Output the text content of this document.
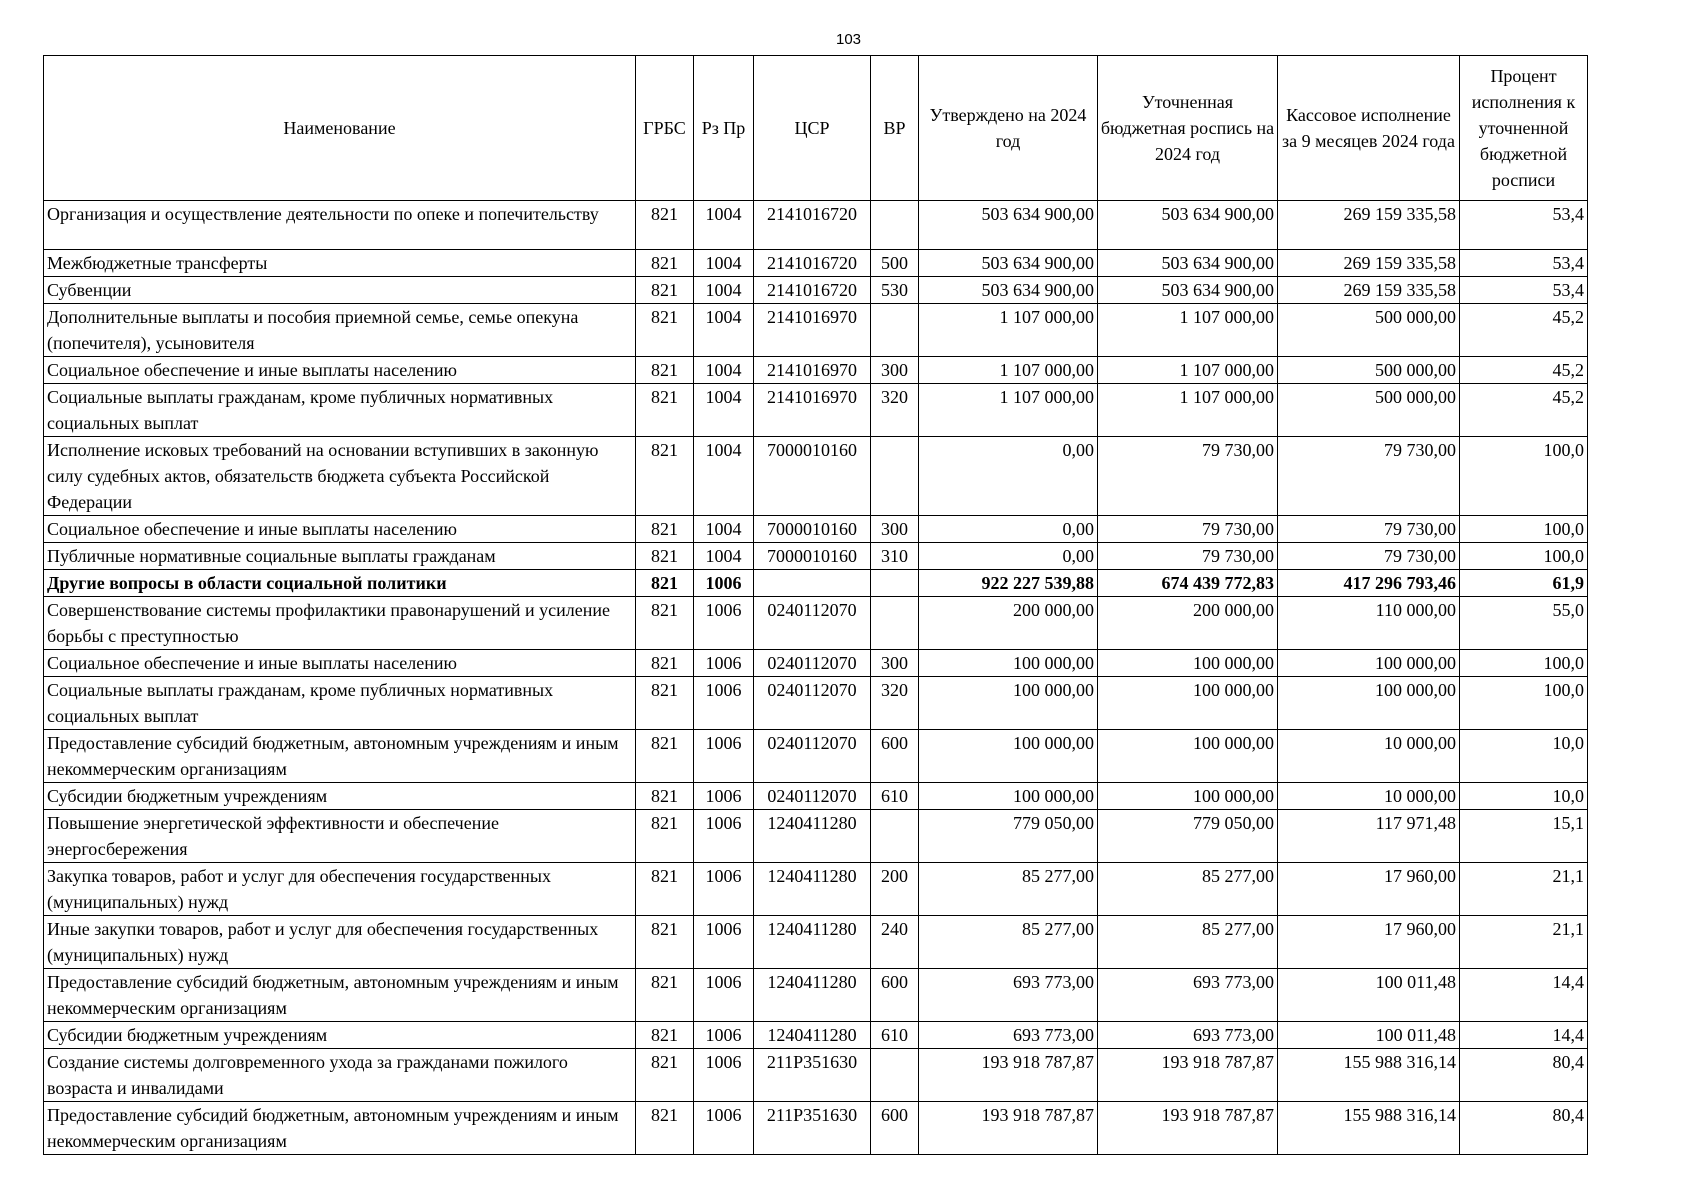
103
Наименование	ГРБС	Рз Пр	ЦСР	ВР	Утверждено на 2024 год	Уточненная бюджетная роспись на 2024 год	Кассовое исполнение за 9 месяцев 2024 года	Процент исполнения к уточненной бюджетной росписи
Организация и осуществление деятельности по опеке и попечительству	821	1004	2141016720		503 634 900,00	503 634 900,00	269 159 335,58	53,4
Межбюджетные трансферты	821	1004	2141016720	500	503 634 900,00	503 634 900,00	269 159 335,58	53,4
Субвенции	821	1004	2141016720	530	503 634 900,00	503 634 900,00	269 159 335,58	53,4
Дополнительные выплаты и пособия приемной семье, семье опекуна (попечителя), усыновителя	821	1004	2141016970		1 107 000,00	1 107 000,00	500 000,00	45,2
Социальное обеспечение и иные выплаты населению	821	1004	2141016970	300	1 107 000,00	1 107 000,00	500 000,00	45,2
Социальные выплаты гражданам, кроме публичных нормативных социальных выплат	821	1004	2141016970	320	1 107 000,00	1 107 000,00	500 000,00	45,2
Исполнение исковых требований на основании вступивших в законную силу судебных актов, обязательств бюджета субъекта Российской Федерации	821	1004	7000010160		0,00	79 730,00	79 730,00	100,0
Социальное обеспечение и иные выплаты населению	821	1004	7000010160	300	0,00	79 730,00	79 730,00	100,0
Публичные нормативные социальные выплаты гражданам	821	1004	7000010160	310	0,00	79 730,00	79 730,00	100,0
Другие вопросы в области социальной политики	821	1006			922 227 539,88	674 439 772,83	417 296 793,46	61,9
Совершенствование системы профилактики правонарушений и усиление борьбы с преступностью	821	1006	0240112070		200 000,00	200 000,00	110 000,00	55,0
Социальное обеспечение и иные выплаты населению	821	1006	0240112070	300	100 000,00	100 000,00	100 000,00	100,0
Социальные выплаты гражданам, кроме публичных нормативных социальных выплат	821	1006	0240112070	320	100 000,00	100 000,00	100 000,00	100,0
Предоставление субсидий бюджетным, автономным учреждениям и иным некоммерческим организациям	821	1006	0240112070	600	100 000,00	100 000,00	10 000,00	10,0
Субсидии бюджетным учреждениям	821	1006	0240112070	610	100 000,00	100 000,00	10 000,00	10,0
Повышение энергетической эффективности и обеспечение энергосбережения	821	1006	1240411280		779 050,00	779 050,00	117 971,48	15,1
Закупка товаров, работ и услуг для обеспечения государственных (муниципальных) нужд	821	1006	1240411280	200	85 277,00	85 277,00	17 960,00	21,1
Иные закупки товаров, работ и услуг для обеспечения государственных (муниципальных) нужд	821	1006	1240411280	240	85 277,00	85 277,00	17 960,00	21,1
Предоставление субсидий бюджетным, автономным учреждениям и иным некоммерческим организациям	821	1006	1240411280	600	693 773,00	693 773,00	100 011,48	14,4
Субсидии бюджетным учреждениям	821	1006	1240411280	610	693 773,00	693 773,00	100 011,48	14,4
Создание системы долговременного ухода за гражданами пожилого возраста и инвалидами	821	1006	211P351630		193 918 787,87	193 918 787,87	155 988 316,14	80,4
Предоставление субсидий бюджетным, автономным учреждениям и иным некоммерческим организациям	821	1006	211P351630	600	193 918 787,87	193 918 787,87	155 988 316,14	80,4
